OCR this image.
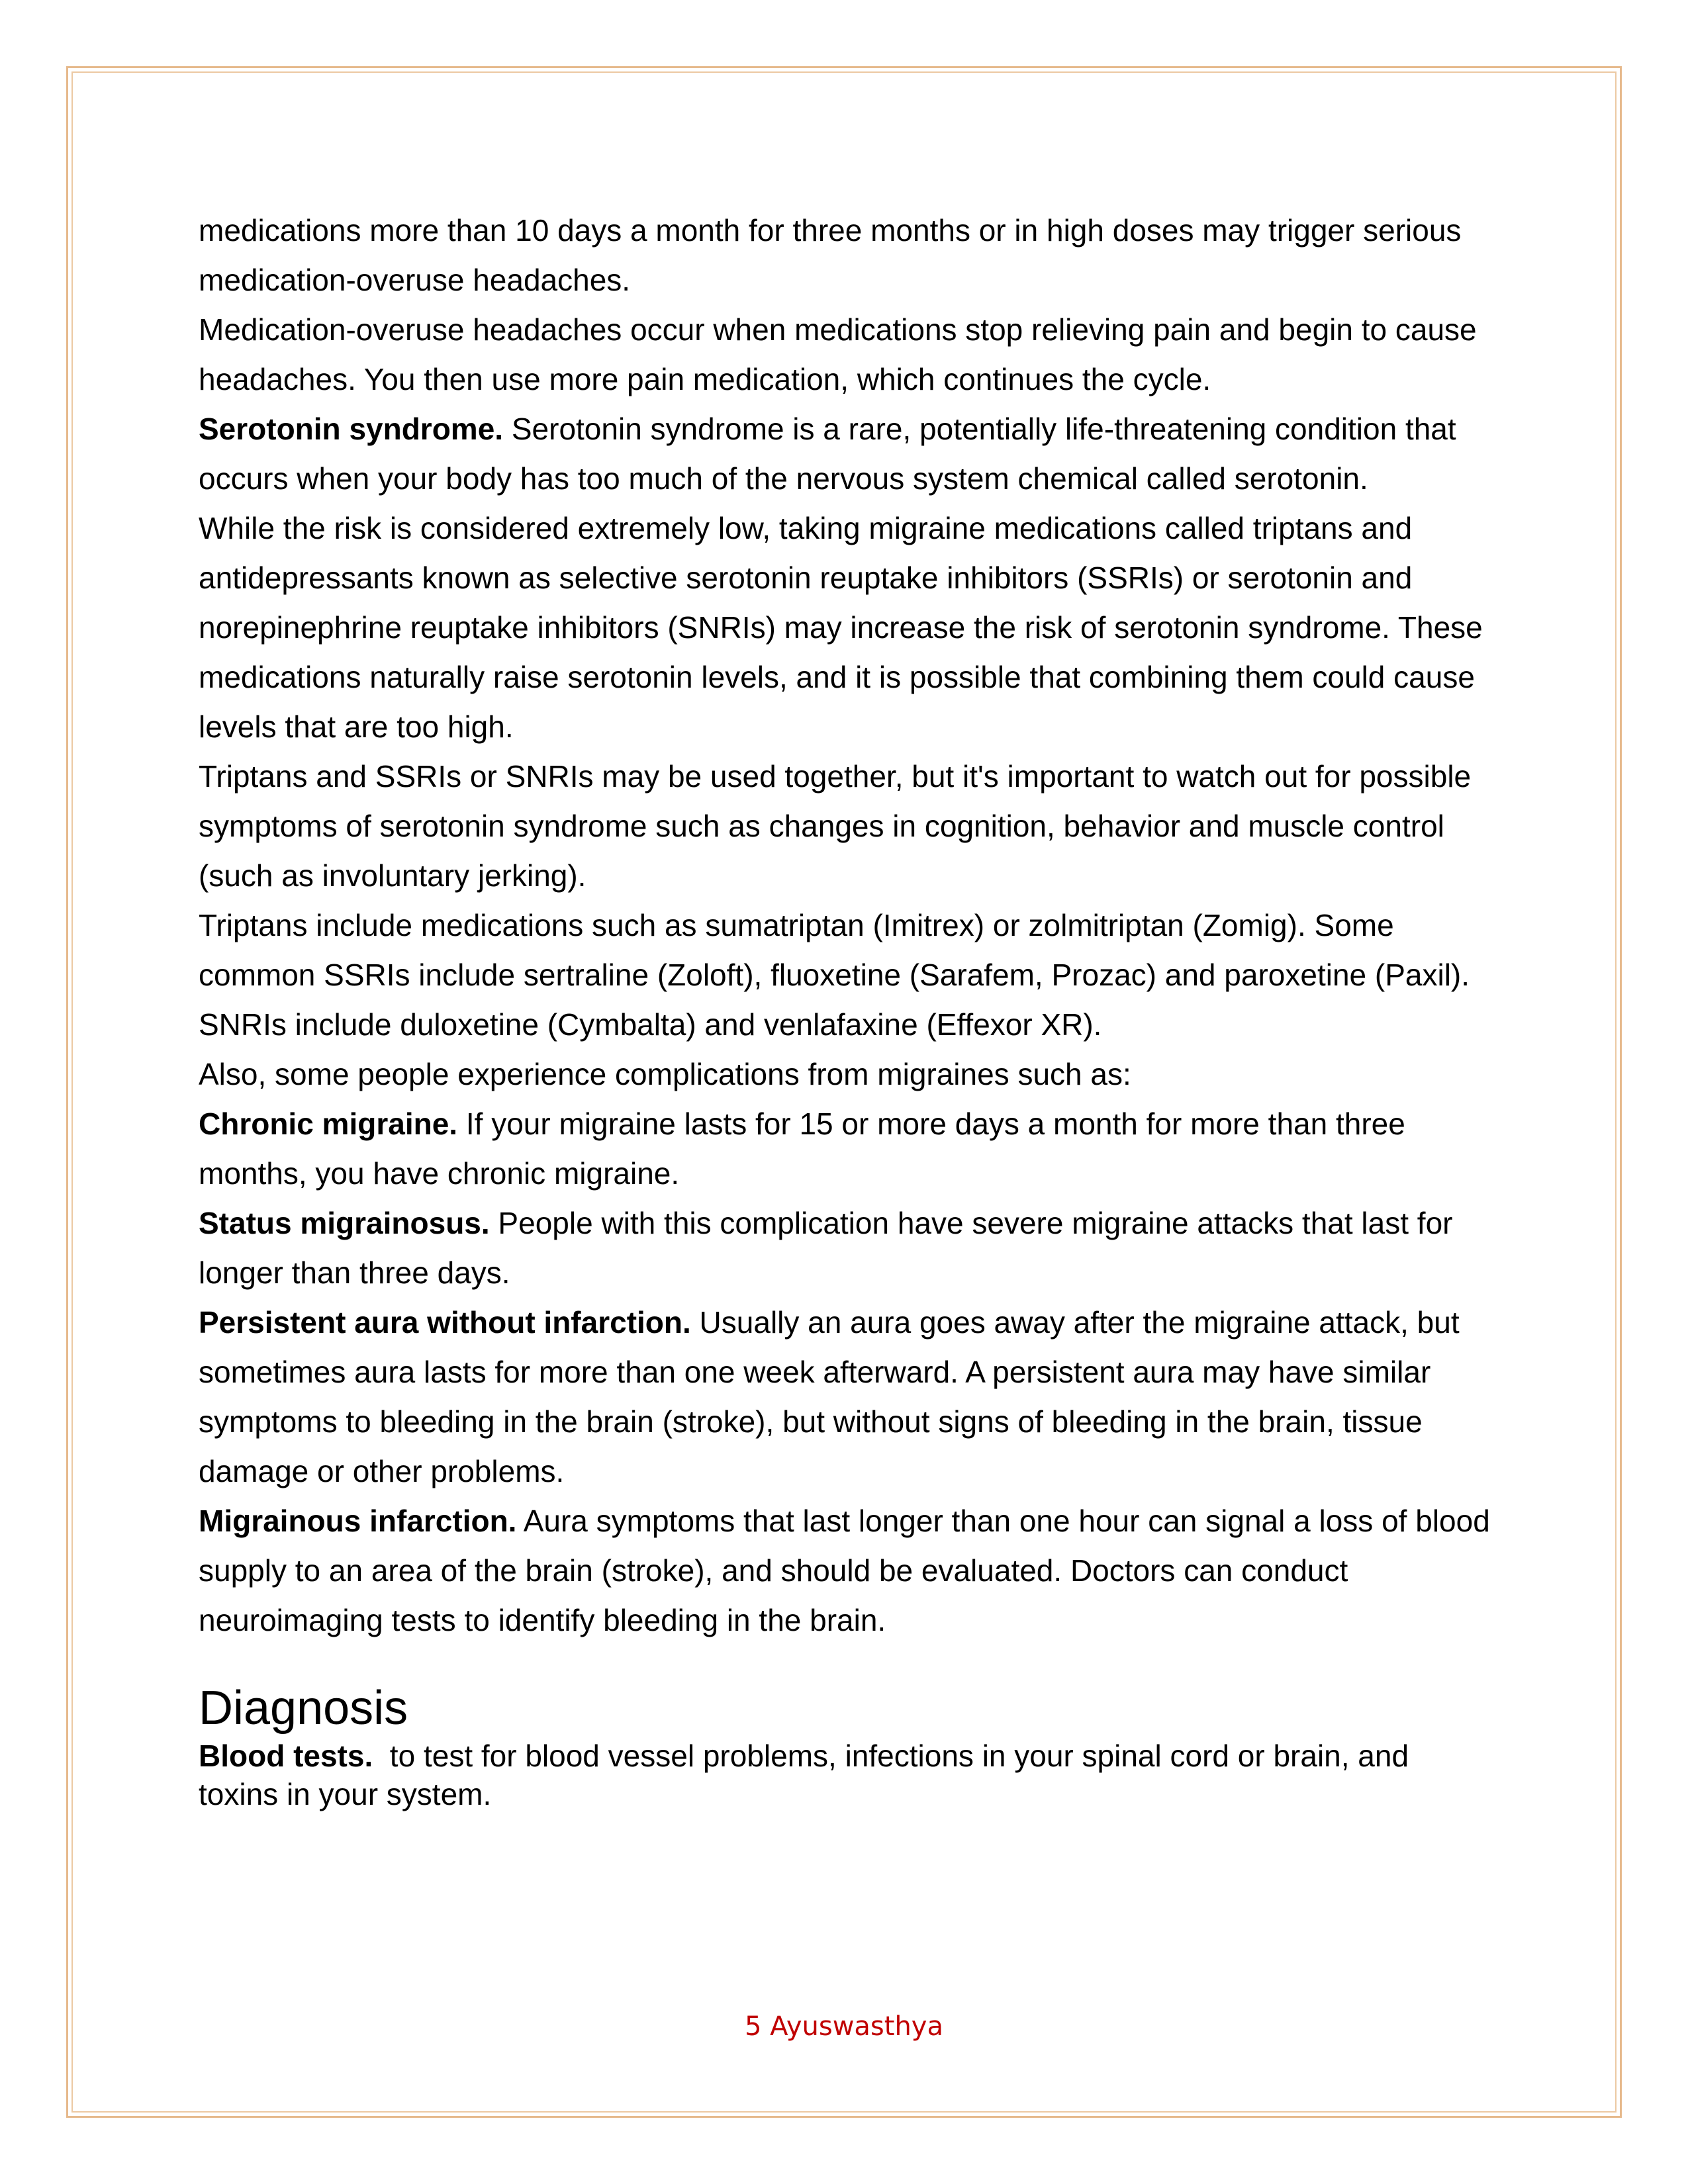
medications more than 10 days a month for three months or in high doses may trigger serious medication-overuse headaches.

Medication-overuse headaches occur when medications stop relieving pain and begin to cause headaches. You then use more pain medication, which continues the cycle.

Serotonin syndrome. Serotonin syndrome is a rare, potentially life-threatening condition that occurs when your body has too much of the nervous system chemical called serotonin.

While the risk is considered extremely low, taking migraine medications called triptans and antidepressants known as selective serotonin reuptake inhibitors (SSRIs) or serotonin and norepinephrine reuptake inhibitors (SNRIs) may increase the risk of serotonin syndrome. These medications naturally raise serotonin levels, and it is possible that combining them could cause levels that are too high.

Triptans and SSRIs or SNRIs may be used together, but it's important to watch out for possible symptoms of serotonin syndrome such as changes in cognition, behavior and muscle control (such as involuntary jerking).

Triptans include medications such as sumatriptan (Imitrex) or zolmitriptan (Zomig). Some common SSRIs include sertraline (Zoloft), fluoxetine (Sarafem, Prozac) and paroxetine (Paxil). SNRIs include duloxetine (Cymbalta) and venlafaxine (Effexor XR).

Also, some people experience complications from migraines such as:

Chronic migraine. If your migraine lasts for 15 or more days a month for more than three months, you have chronic migraine.

Status migrainosus. People with this complication have severe migraine attacks that last for longer than three days.

Persistent aura without infarction. Usually an aura goes away after the migraine attack, but sometimes aura lasts for more than one week afterward. A persistent aura may have similar symptoms to bleeding in the brain (stroke), but without signs of bleeding in the brain, tissue damage or other problems.

Migrainous infarction. Aura symptoms that last longer than one hour can signal a loss of blood supply to an area of the brain (stroke), and should be evaluated. Doctors can conduct neuroimaging tests to identify bleeding in the brain.

Diagnosis

Blood tests.  to test for blood vessel problems, infections in your spinal cord or brain, and toxins in your system.

5 Ayuswasthya
